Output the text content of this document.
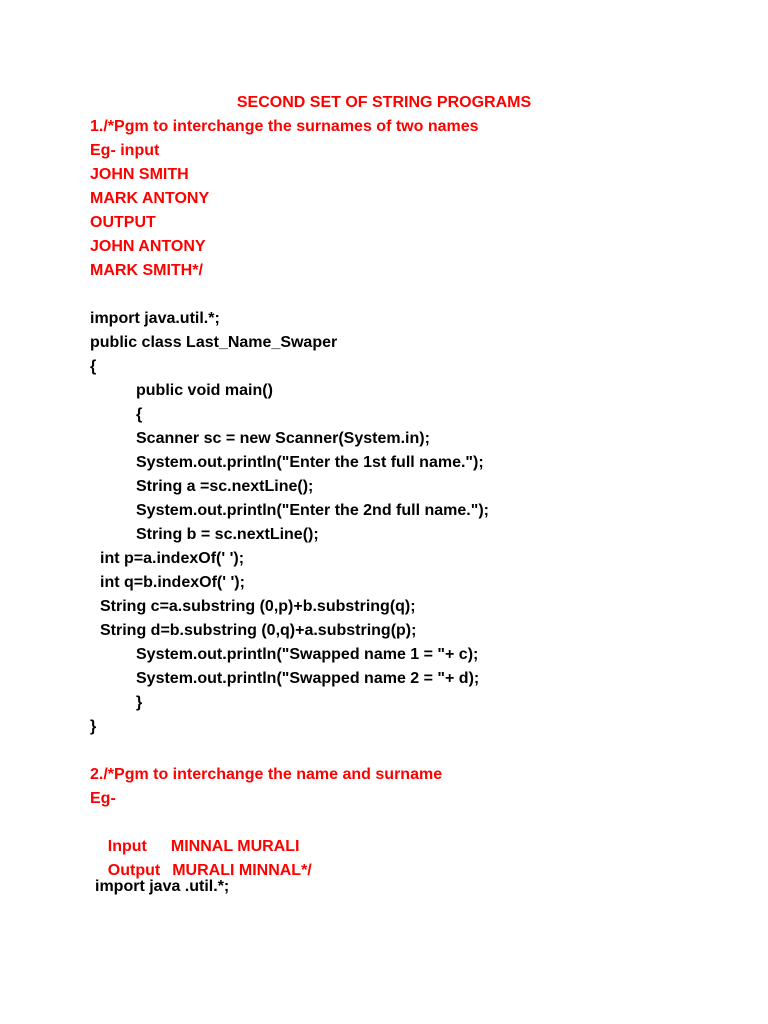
SECOND SET OF STRING PROGRAMS
1./*Pgm to interchange the surnames of two names
Eg- input
JOHN SMITH
MARK ANTONY
OUTPUT
JOHN ANTONY
MARK SMITH*/
import java.util.*;
public class Last_Name_Swaper
{
public void main()
{
Scanner sc = new Scanner(System.in);
System.out.println("Enter the 1st full name.");
String a =sc.nextLine();
System.out.println("Enter the 2nd full name.");
String b = sc.nextLine();
int p=a.indexOf(' ');
int q=b.indexOf(' ');
String c=a.substring (0,p)+b.substring(q);
String d=b.substring (0,q)+a.substring(p);
System.out.println("Swapped name 1 = "+ c);
System.out.println("Swapped name 2 = "+ d);
}
}
2./*Pgm to interchange the name and surname
Eg-

Input MINNAL MURALI

Output MURALI MINNAL*/

import java .util.*;
